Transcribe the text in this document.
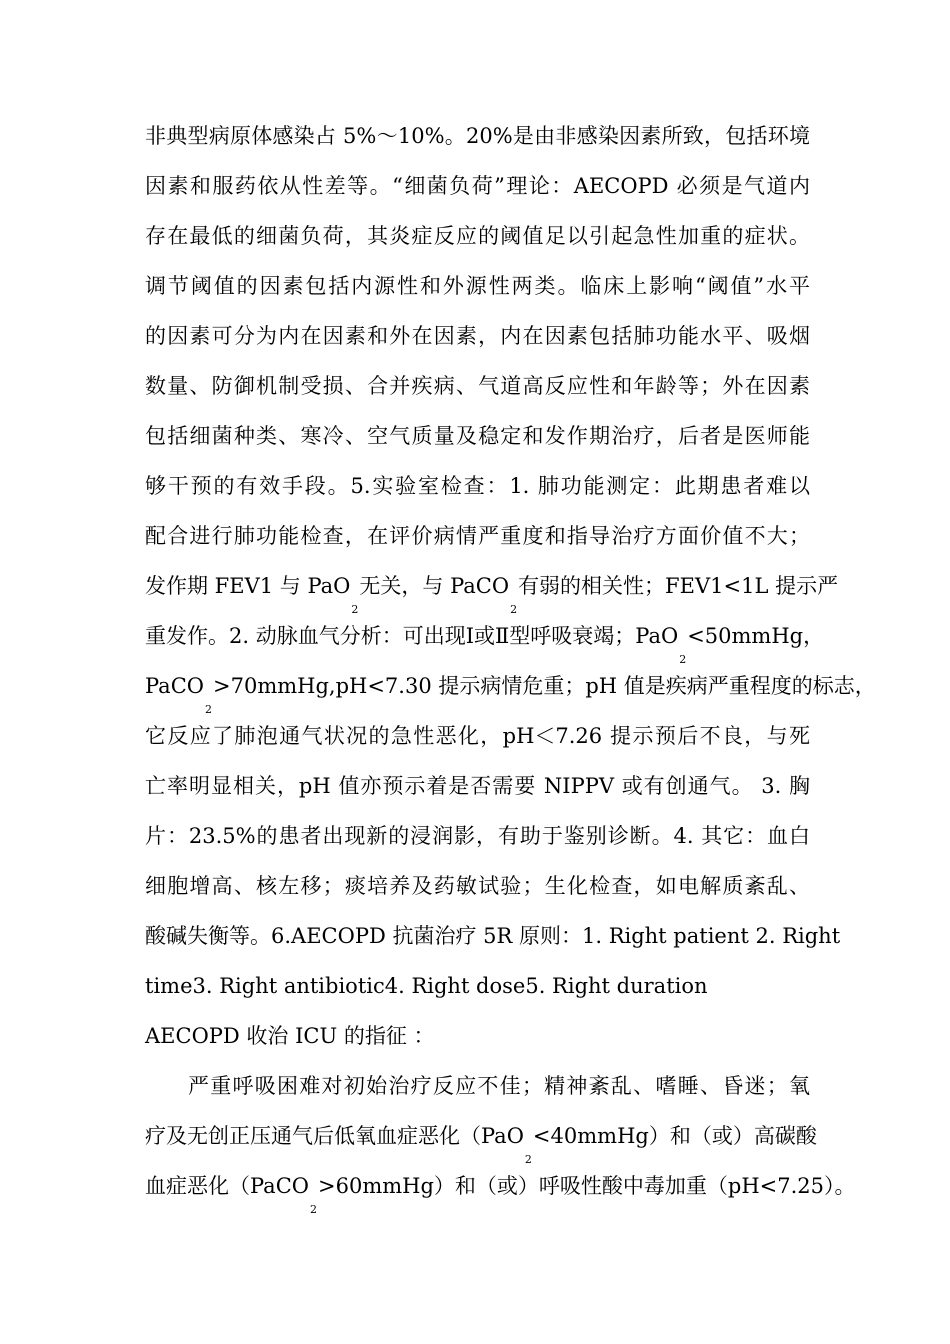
非典型病原体感染占 5%～10%。20%是由非感染因素所致，包括环境
因素和服药依从性差等。“细菌负荷”理论：AECOPD 必须是气道内
存在最低的细菌负荷，其炎症反应的阈值足以引起急性加重的症状。
调节阈值的因素包括内源性和外源性两类。临床上影响“阈值”水平
的因素可分为内在因素和外在因素，内在因素包括肺功能水平、吸烟
数量、防御机制受损、合并疾病、气道高反应性和年龄等；外在因素
包括细菌种类、寒冷、空气质量及稳定和发作期治疗，后者是医师能
够干预的有效手段。5.实验室检查：1. 肺功能测定：此期患者难以
配合进行肺功能检查，在评价病情严重度和指导治疗方面价值不大；
发作期 FEV1 与 PaO$_2$无关，与 PaCO$_2$有弱的相关性；FEV1<1L 提示严
重发作。2. 动脉血气分析：可出现Ⅰ或Ⅱ型呼吸衰竭；PaO$_2$<50mmHg，
PaCO$_2$>70mmHg,pH<7.30 提示病情危重；pH 值是疾病严重程度的标志，
它反应了肺泡通气状况的急性恶化，pH＜7.26 提示预后不良，与死
亡率明显相关，pH 值亦预示着是否需要 NIPPV 或有创通气。 3. 胸
片：23.5%的患者出现新的浸润影，有助于鉴别诊断。4. 其它：血白
细胞增高、核左移；痰培养及药敏试验；生化检查，如电解质紊乱、
酸碱失衡等。6.AECOPD 抗菌治疗 5R 原则：1. Right patient 2. Right
time3. Right antibiotic4. Right dose5. Right duration
AECOPD 收治 ICU 的指征 ：
严重呼吸困难对初始治疗反应不佳；精神紊乱、嗜睡、昏迷；氧
疗及无创正压通气后低氧血症恶化（PaO$_2$<40mmHg）和（或）高碳酸
血症恶化（PaCO$_2$>60mmHg）和（或）呼吸性酸中毒加重（pH<7.25）。
